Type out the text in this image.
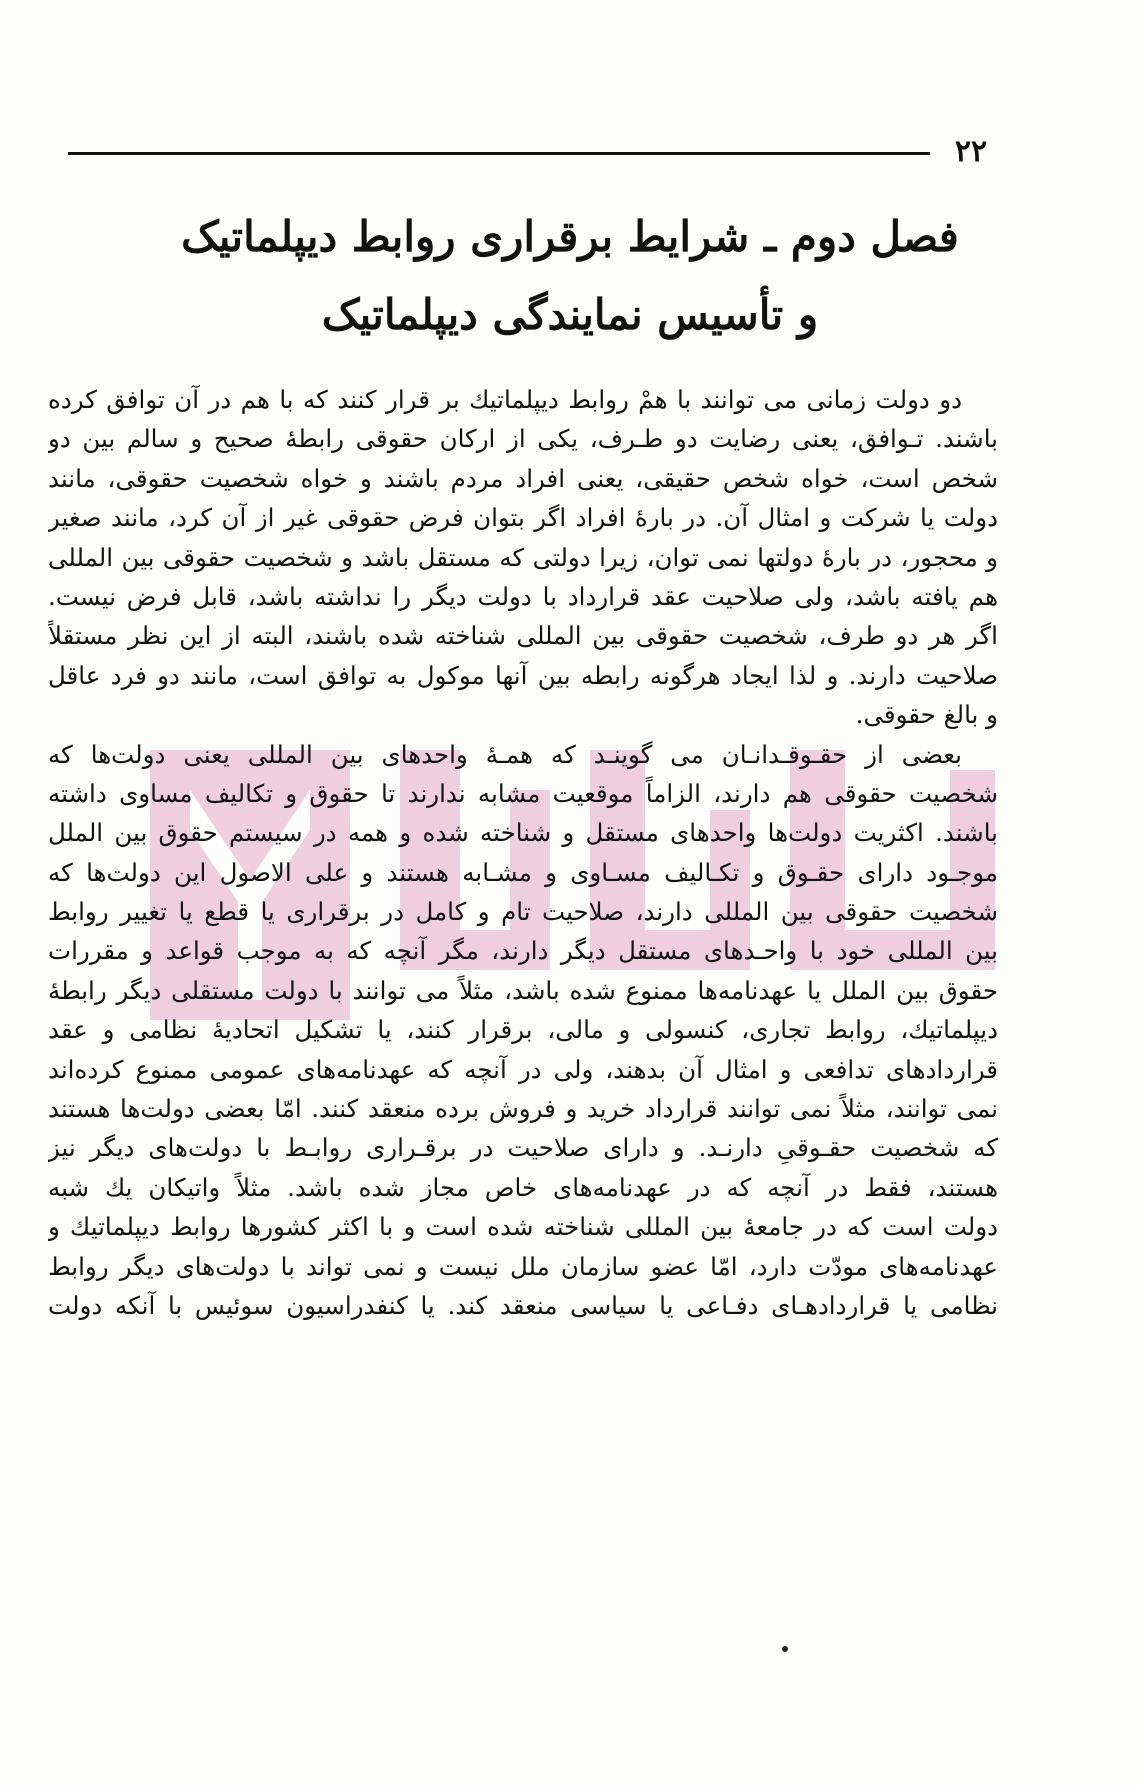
۲۲
فصل دوم ـ شرایط برقراری روابط دیپلماتیک
و تأسیس نمایندگی دیپلماتیک
دو دولت زمانی می توانند با همْ روابط دیپلماتیك بر قرار کنند که با هم در آن توافق کرده
باشند. تـوافق، یعنی رضایت دو طـرف، یکی از ارکان حقوقی رابطهٔ صحیح و سالم بین دو
شخص است، خواه شخص حقیقی، یعنی افراد مردم باشند و خواه شخصیت حقوقی، مانند
دولت یا شرکت و امثال آن. در بارهٔ افراد اگر بتوان فرض حقوقی غیر از آن کرد، مانند صغیر
و محجور، در بارهٔ دولتها نمی توان، زیرا دولتی که مستقل باشد و شخصیت حقوقی بین المللی
هم یافته باشد، ولی صلاحیت عقد قرارداد با دولت دیگر را نداشته باشد، قابل فرض نیست.
اگر هر دو طرف، شخصیت حقوقی بین المللی شناخته شده باشند، البته از این نظر مستقلاً
صلاحیت دارند. و لذا ایجاد هرگونه رابطه بین آنها موکول به توافق است، مانند دو فرد عاقل
و بالغ حقوقی.
بعضی از حقـوقـدانـان می گوینـد که همـهٔ واحدهای بین المللی یعنی دولت‌ها که
شخصیت حقوقی هم دارند، الزاماً موقعیت مشابه ندارند تا حقوق و تکالیف مساوی داشته
باشند. اکثریت دولت‌ها واحدهای مستقل و شناخته شده و همه در سیستم حقوق بین الملل
موجـود دارای حقـوق و تکـالیف مسـاوی و مشـابه هستند و علی الاصول این دولت‌ها که
شخصیت حقوقی بین المللی دارند، صلاحیت تام و کامل در برقراری یا قطع یا تغییر روابط
بین المللی خود با واحـدهای مستقل دیگر دارند، مگر آنچه که به موجب قواعد و مقررات
حقوق بین الملل یا عهدنامه‌ها ممنوع شده باشد، مثلاً می توانند با دولت مستقلی دیگر رابطهٔ
دیپلماتیك، روابط تجاری، کنسولی و مالی، برقرار کنند، یا تشکیل اتحادیهٔ نظامی و عقد
قراردادهای تدافعی و امثال آن بدهند، ولی در آنچه که عهدنامه‌های عمومی ممنوع کرده‌اند
نمی توانند، مثلاً نمی توانند قرارداد خرید و فروش برده منعقد کنند. امّا بعضی دولت‌ها هستند
که شخصیت حقـوقیِ دارنـد. و دارای صلاحیت در برقـراری روابـط با دولت‌های دیگر نیز
هستند، فقط در آنچه که در عهدنامه‌های خاص مجاز شده باشد. مثلاً واتیکان یك شبه
دولت است که در جامعهٔ بین المللی شناخته شده است و با اکثر کشورها روابط دیپلماتیك و
عهدنامه‌های مودّت دارد، امّا عضو سازمان ملل نیست و نمی تواند با دولت‌های دیگر روابط
نظامی یا قراردادهـای دفـاعی یا سیاسی منعقد کند. یا کنفدراسیون سوئیس با آنکه دولت
